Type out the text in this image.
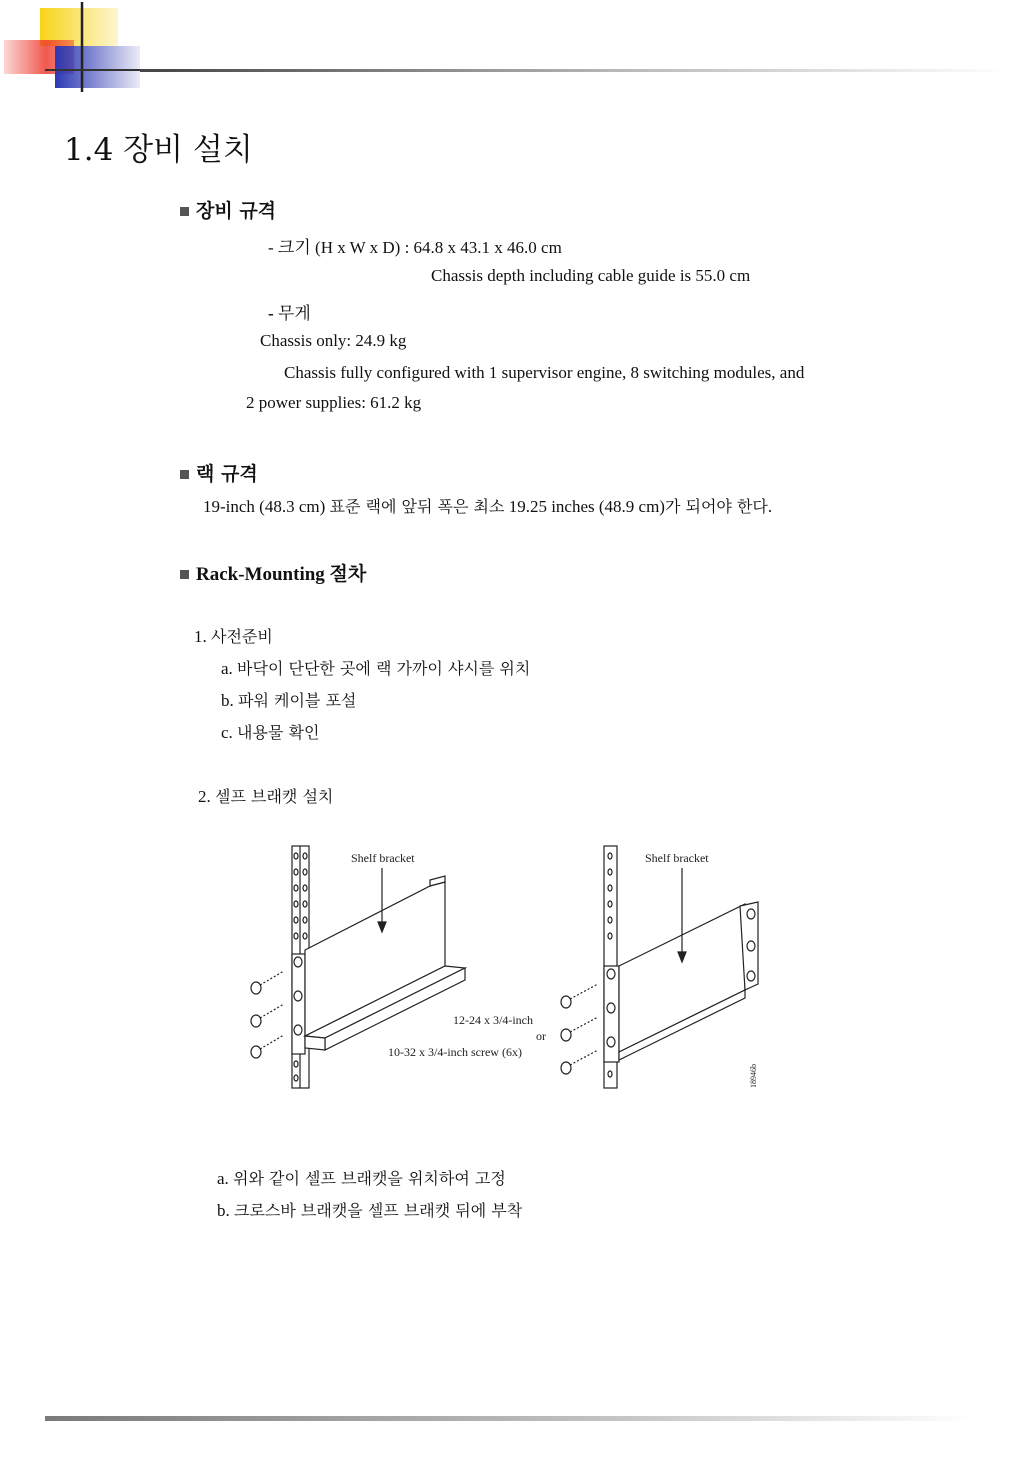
1.4 장비 설치
장비 규격
- 크기 (H x W x D) : 64.8 x 43.1 x 46.0 cm
Chassis depth including cable guide is 55.0 cm
- 무게
Chassis only: 24.9 kg
Chassis fully configured with 1 supervisor engine, 8 switching modules, and
2 power supplies: 61.2 kg
랙 규격
19-inch (48.3 cm) 표준 랙에 앞뒤 폭은 최소 19.25 inches (48.9 cm)가 되어야 한다.
Rack-Mounting 절차
1. 사전준비
a. 바닥이 단단한 곳에 랙 가까이 샤시를 위치
b. 파워 케이블 포설
c. 내용물 확인
2. 셀프 브래캣 설치
Shelf bracket	Shelf bracket
12-24 x 3/4-inch
or
10-32 x 3/4-inch screw (6x)
18946b
a. 위와 같이 셀프 브래캣을 위치하여 고정
b. 크로스바 브래캣을 셀프 브래캣 뒤에 부착
